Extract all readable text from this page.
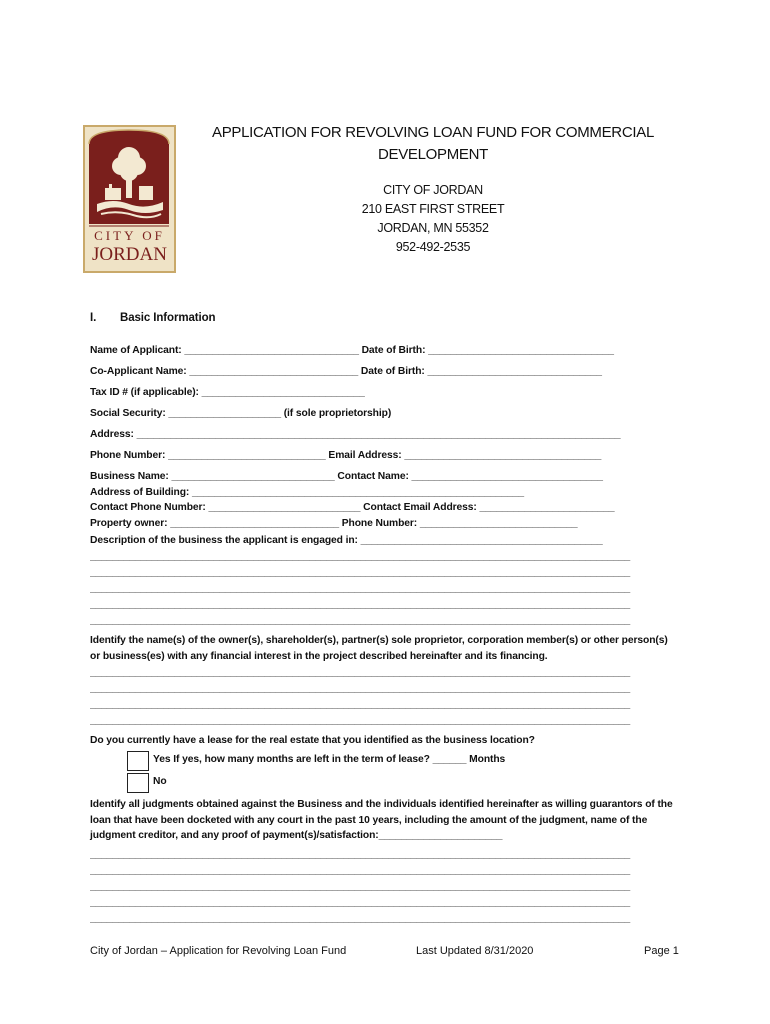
CITY OF
JORDAN
APPLICATION FOR REVOLVING LOAN FUND FOR COMMERCIAL DEVELOPMENT
CITY OF JORDAN
210 EAST FIRST STREET
JORDAN, MN 55352
952-492-2535
I. Basic Information
Name of Applicant: _______________________________ Date of Birth: _________________________________
Co-Applicant Name: ______________________________ Date of Birth: _______________________________
Tax ID # (if applicable): _____________________________
Social Security: ____________________ (if sole proprietorship)
Address: ______________________________________________________________________________________
Phone Number: ____________________________ Email Address: ___________________________________
Business Name: _____________________________ Contact Name: __________________________________
Address of Building: ___________________________________________________________
Contact Phone Number: ___________________________ Contact Email Address: ________________________
Property owner: ______________________________ Phone Number: ____________________________
Description of the business the applicant is engaged in: ___________________________________________
________________________________________________________________________________________________
________________________________________________________________________________________________
________________________________________________________________________________________________
________________________________________________________________________________________________
________________________________________________________________________________________________
Identify the name(s) of the owner(s), shareholder(s), partner(s) sole proprietor, corporation member(s) or other person(s) or business(es) with any financial interest in the project described hereinafter and its financing.
________________________________________________________________________________________________
________________________________________________________________________________________________
________________________________________________________________________________________________
________________________________________________________________________________________________
Do you currently have a lease for the real estate that you identified as the business location?
Yes If yes, how many months are left in the term of lease? ______ Months
No
Identify all judgments obtained against the Business and the individuals identified hereinafter as willing guarantors of the loan that have been docketed with any court in the past 10 years, including the amount of the judgment, name of the judgment creditor, and any proof of payment(s)/satisfaction:______________________
________________________________________________________________________________________________
________________________________________________________________________________________________
________________________________________________________________________________________________
________________________________________________________________________________________________
________________________________________________________________________________________________
City of Jordan – Application for Revolving Loan Fund	Last Updated 8/31/2020	Page 1
